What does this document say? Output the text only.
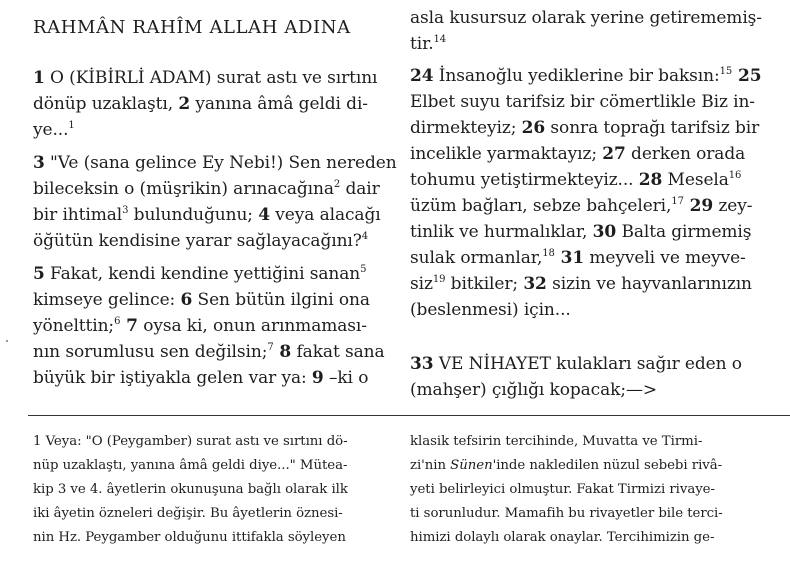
RAHMÂN RAHÎM ALLAH ADINA
1 O (KİBİRLİ ADAM) surat astı ve sırtını
dönüp uzaklaştı, 2 yanına âmâ geldi di-
ye...$^1$
3 "Ve (sana gelince Ey Nebi!) Sen nereden
bileceksin o (müşrikin) arınacağına$^2$ dair
bir ihtimal$^3$ bulunduğunu; 4 veya alacağı
öğütün kendisine yarar sağlayacağını?$^4$
5 Fakat, kendi kendine yettiğini sanan$^5$
kimseye gelince: 6 Sen bütün ilgini ona
yönelttin;$^6$ 7 oysa ki, onun arınmaması-
nın sorumlusu sen değilsin;$^7$ 8 fakat sana
büyük bir iştiyakla gelen var ya: 9 –ki o
asla kusursuz olarak yerine getirememiş-
tir.$^{14}$
24 İnsanoğlu yediklerine bir baksın:$^{15}$ 25
Elbet suyu tarifsiz bir cömertlikle Biz in-
dirmekteyiz; 26 sonra toprağı tarifsiz bir
incelikle yarmaktayız; 27 derken orada
tohumu yetiştirmekteyiz... 28 Mesela$^{16}$
üzüm bağları, sebze bahçeleri,$^{17}$ 29 zey-
tinlik ve hurmalıklar, 30 Balta girmemiş
sulak ormanlar,$^{18}$ 31 meyveli ve meyve-
siz$^{19}$ bitkiler; 32 sizin ve hayvanlarınızın
(beslenmesi) için...
33 VE NİHAYET kulakları sağır eden o
(mahşer) çığlığı kopacak;—>
1 Veya: "O (Peygamber) surat astı ve sırtını dö-
nüp uzaklaştı, yanına âmâ geldi diye..." Mütea-
kip 3 ve 4. âyetlerin okunuşuna bağlı olarak ilk
iki âyetin özneleri değişir. Bu âyetlerin öznesi-
nin Hz. Peygamber olduğunu ittifakla söyleyen
klasik tefsirin tercihinde, Muvatta ve Tirmi-
zi'nin Sünen'inde nakledilen nüzul sebebi rivâ-
yeti belirleyici olmuştur. Fakat Tirmizi rivaye-
ti sorunludur. Mamafih bu rivayetler bile terci-
himizi dolaylı olarak onaylar. Tercihimizin ge-
